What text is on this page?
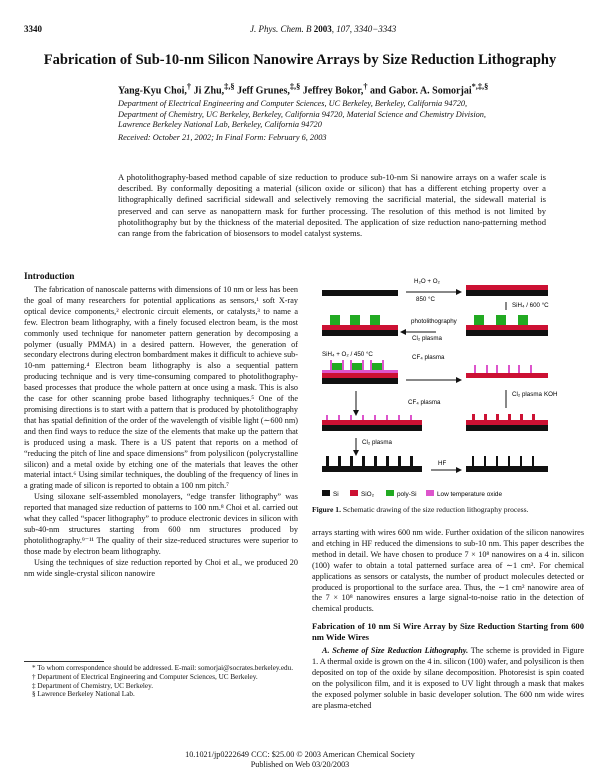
3340	J. Phys. Chem. B 2003, 107, 3340−3343
Fabrication of Sub-10-nm Silicon Nanowire Arrays by Size Reduction Lithography
Yang-Kyu Choi,† Ji Zhu,‡,§ Jeff Grunes,‡,§ Jeffrey Bokor,† and Gabor. A. Somorjai*,‡,§
Department of Electrical Engineering and Computer Sciences, UC Berkeley, Berkeley, California 94720,
Department of Chemistry, UC Berkeley, Berkeley, California 94720, Material Science and Chemistry Division,
Lawrence Berkeley National Lab, Berkeley, California 94720
Received: October 21, 2002; In Final Form: February 6, 2003
A photolithography-based method capable of size reduction to produce sub-10-nm Si nanowire arrays on a wafer scale is described. By conformally depositing a material (silicon oxide or silicon) that has a different etching property over a lithographically defined sacrificial sidewall and selectively removing the sacrificial material, the sidewall material is preserved and can serve as nanopattern mask for further processing. The resolution of this method is not limited by photolithography but by the thickness of the material deposited. The application of size reduction nano-patterning method can range from the fabrication of biosensors to model catalyst systems.
Introduction

The fabrication of nanoscale patterns with dimensions of 10 nm or less has been the goal of many researchers for potential applications as sensors,¹ soft X-ray optical device components,² electronic circuit elements, or catalysts,³ to name a few. Electron beam lithography, with a finely focused electron beam, is the most commonly used technique for nanometer pattern generation by decomposing a polymer (usually PMMA) in a desired pattern. However, the generation of secondary electrons during electron bombardment makes it difficult to achieve sub-10-nm patterning.⁴ Electron beam lithography is also a sequential pattern producing technique and is very time-consuming compared to photolithography-based processes that produce the whole pattern at once using a mask. This is also the case for other scanning probe based lithography techniques.⁵ One of the promising directions is to start with a pattern that is produced by photolithography that has spatial definition of the order of the wavelength of visible light (∼600 nm) and then find ways to reduce the size of the elements that make up the pattern that is produced using a mask. There is a US patent that reports on a method of “reducing the pitch of line and space dimensions” from polysilicon (polycrystalline silicon) and a metal oxide by etching one of the materials that leaves the other material intact.⁶ Using similar techniques, the doubling of the frequency of lines in a grating made of silicon is reported to obtain a 100 nm pitch.⁷

Using siloxane self-assembled monolayers, “edge transfer lithography” was reported that managed size reduction of patterns to 100 nm.⁸ Choi et al. carried out what they called “spacer lithography” to produce electronic devices in silicon with sub-40-nm structures starting from 600 nm structures produced by photolithography.⁹⁻¹¹ The quality of their size-reduced structures were superior to those made by electron beam lithography.

Using the techniques of size reduction reported by Choi et al., we produced 20 nm wide single-crystal silicon nanowire

* To whom correspondence should be addressed. E-mail: somorjai@socrates.berkeley.edu.

† Department of Electrical Engineering and Computer Sciences, UC Berkeley.

‡ Department of Chemistry, UC Berkeley.

§ Lawrence Berkeley National Lab.

H₂O + O₂
850 °C
SiH₄ / 600 °C
photolithography
Cl₂ plasma
SiH₄ + O₂ / 450 °C	CF₄ plasma
Cl₂ plasma KOH
CF₄ plasma
Cl₂ plasma
HF
Si	SiO₂	poly-Si	Low temperature oxide
Figure 1. Schematic drawing of the size reduction lithography process.

arrays starting with wires 600 nm wide. Further oxidation of the silicon nanowires and etching in HF reduced the dimensions to sub-10 nm. This paper describes the method in detail. We have chosen to produce 7 × 10⁸ nanowires on a 4 in. silicon (100) wafer to obtain a total patterned surface area of ∼1 cm². For chemical applications as sensors or catalysts, the number of product molecules detected or produced is proportional to the surface area. Thus, the ∼1 cm² nanowire area of the 7 × 10⁸ nanowires ensures a large signal-to-noise ratio in the detection of chemical products.

Fabrication of 10 nm Si Wire Array by Size Reduction Starting from 600 nm Wide Wires

A. Scheme of Size Reduction Lithography. The scheme is provided in Figure 1. A thermal oxide is grown on the 4 in. silicon (100) wafer, and polysilicon is then deposited on top of the oxide by silane decomposition. Photoresist is spin coated on the polysilicon film, and it is exposed to UV light through a mask that makes the exposed polymer soluble in basic developer solution. The 600 nm wide wires are plasma-etched

10.1021/jp0222649 CCC: $25.00 © 2003 American Chemical Society
Published on Web 03/20/2003
